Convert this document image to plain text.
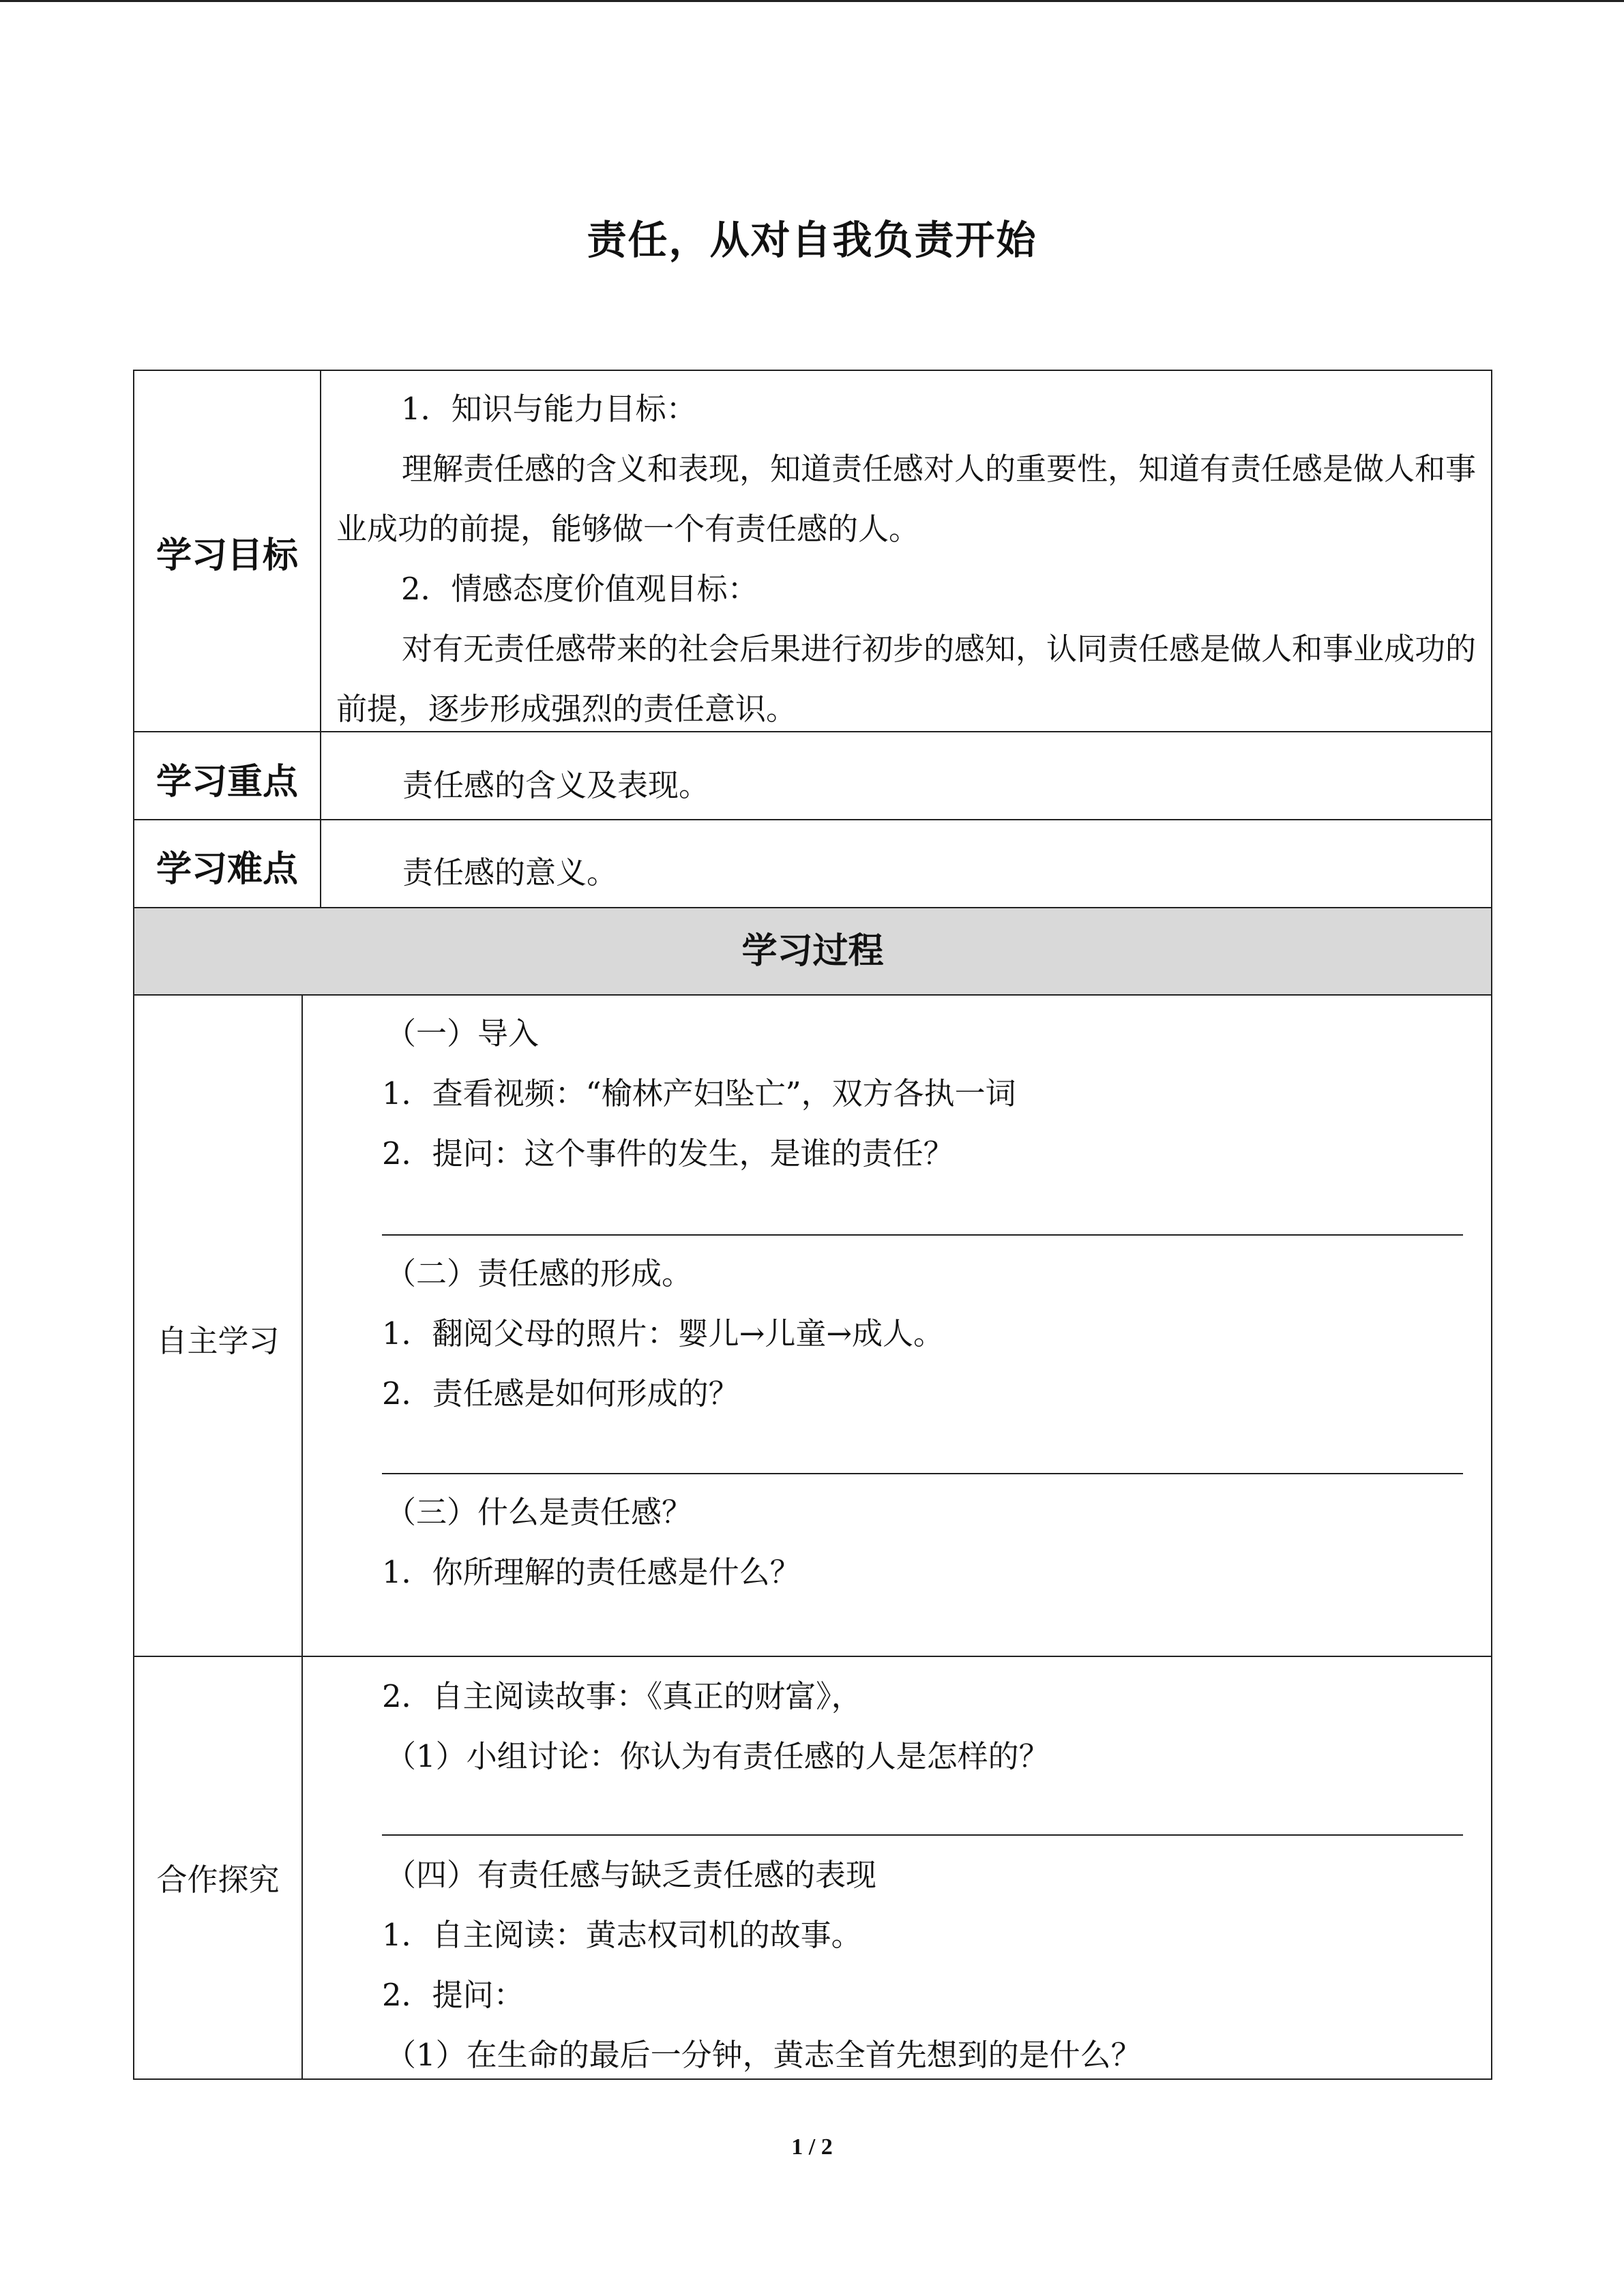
责任，从对自我负责开始
学习目标
1．知识与能力目标：
理解责任感的含义和表现，知道责任感对人的重要性，知道有责任感是做人和事业成功的前提，能够做一个有责任感的人。
2．情感态度价值观目标：
对有无责任感带来的社会后果进行初步的感知，认同责任感是做人和事业成功的前提，逐步形成强烈的责任意识。
学习重点	责任感的含义及表现。
学习难点	责任感的意义。
学习过程
自主学习
（一）导入
1．查看视频：“榆林产妇坠亡”，双方各执一词
2．提问：这个事件的发生，是谁的责任？
（二）责任感的形成。
1．翻阅父母的照片：婴儿→儿童→成人。
2．责任感是如何形成的？
（三）什么是责任感？
1．你所理解的责任感是什么？
合作探究
2．自主阅读故事：《真正的财富》，
（1）小组讨论：你认为有责任感的人是怎样的？
（四）有责任感与缺乏责任感的表现
1．自主阅读：黄志权司机的故事。
2．提问：
（1）在生命的最后一分钟，黄志全首先想到的是什么？
1 / 2
